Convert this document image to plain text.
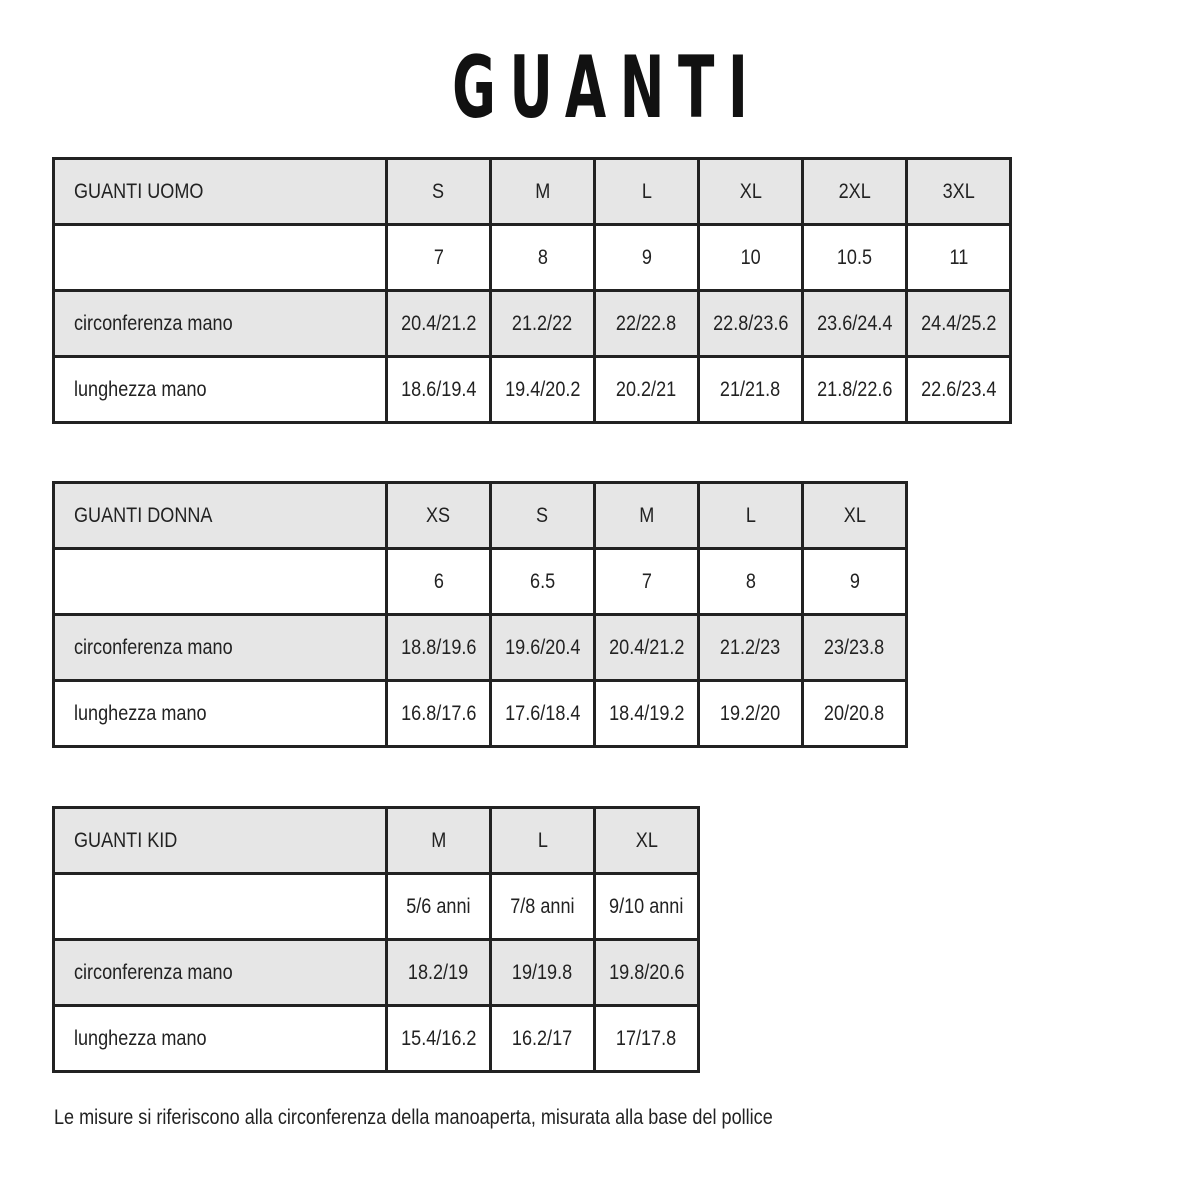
GUANTI
GUANTI UOMO	S	M	L	XL	2XL	3XL
	7	8	9	10	10.5	11
circonferenza mano	20.4/21.2	21.2/22	22/22.8	22.8/23.6	23.6/24.4	24.4/25.2
lunghezza mano	18.6/19.4	19.4/20.2	20.2/21	21/21.8	21.8/22.6	22.6/23.4
GUANTI DONNA	XS	S	M	L	XL
	6	6.5	7	8	9
circonferenza mano	18.8/19.6	19.6/20.4	20.4/21.2	21.2/23	23/23.8
lunghezza mano	16.8/17.6	17.6/18.4	18.4/19.2	19.2/20	20/20.8
GUANTI KID	M	L	XL
	5/6 anni	7/8 anni	9/10 anni
circonferenza mano	18.2/19	19/19.8	19.8/20.6
lunghezza mano	15.4/16.2	16.2/17	17/17.8
Le misure si riferiscono alla circonferenza della manoaperta, misurata alla base del pollice
